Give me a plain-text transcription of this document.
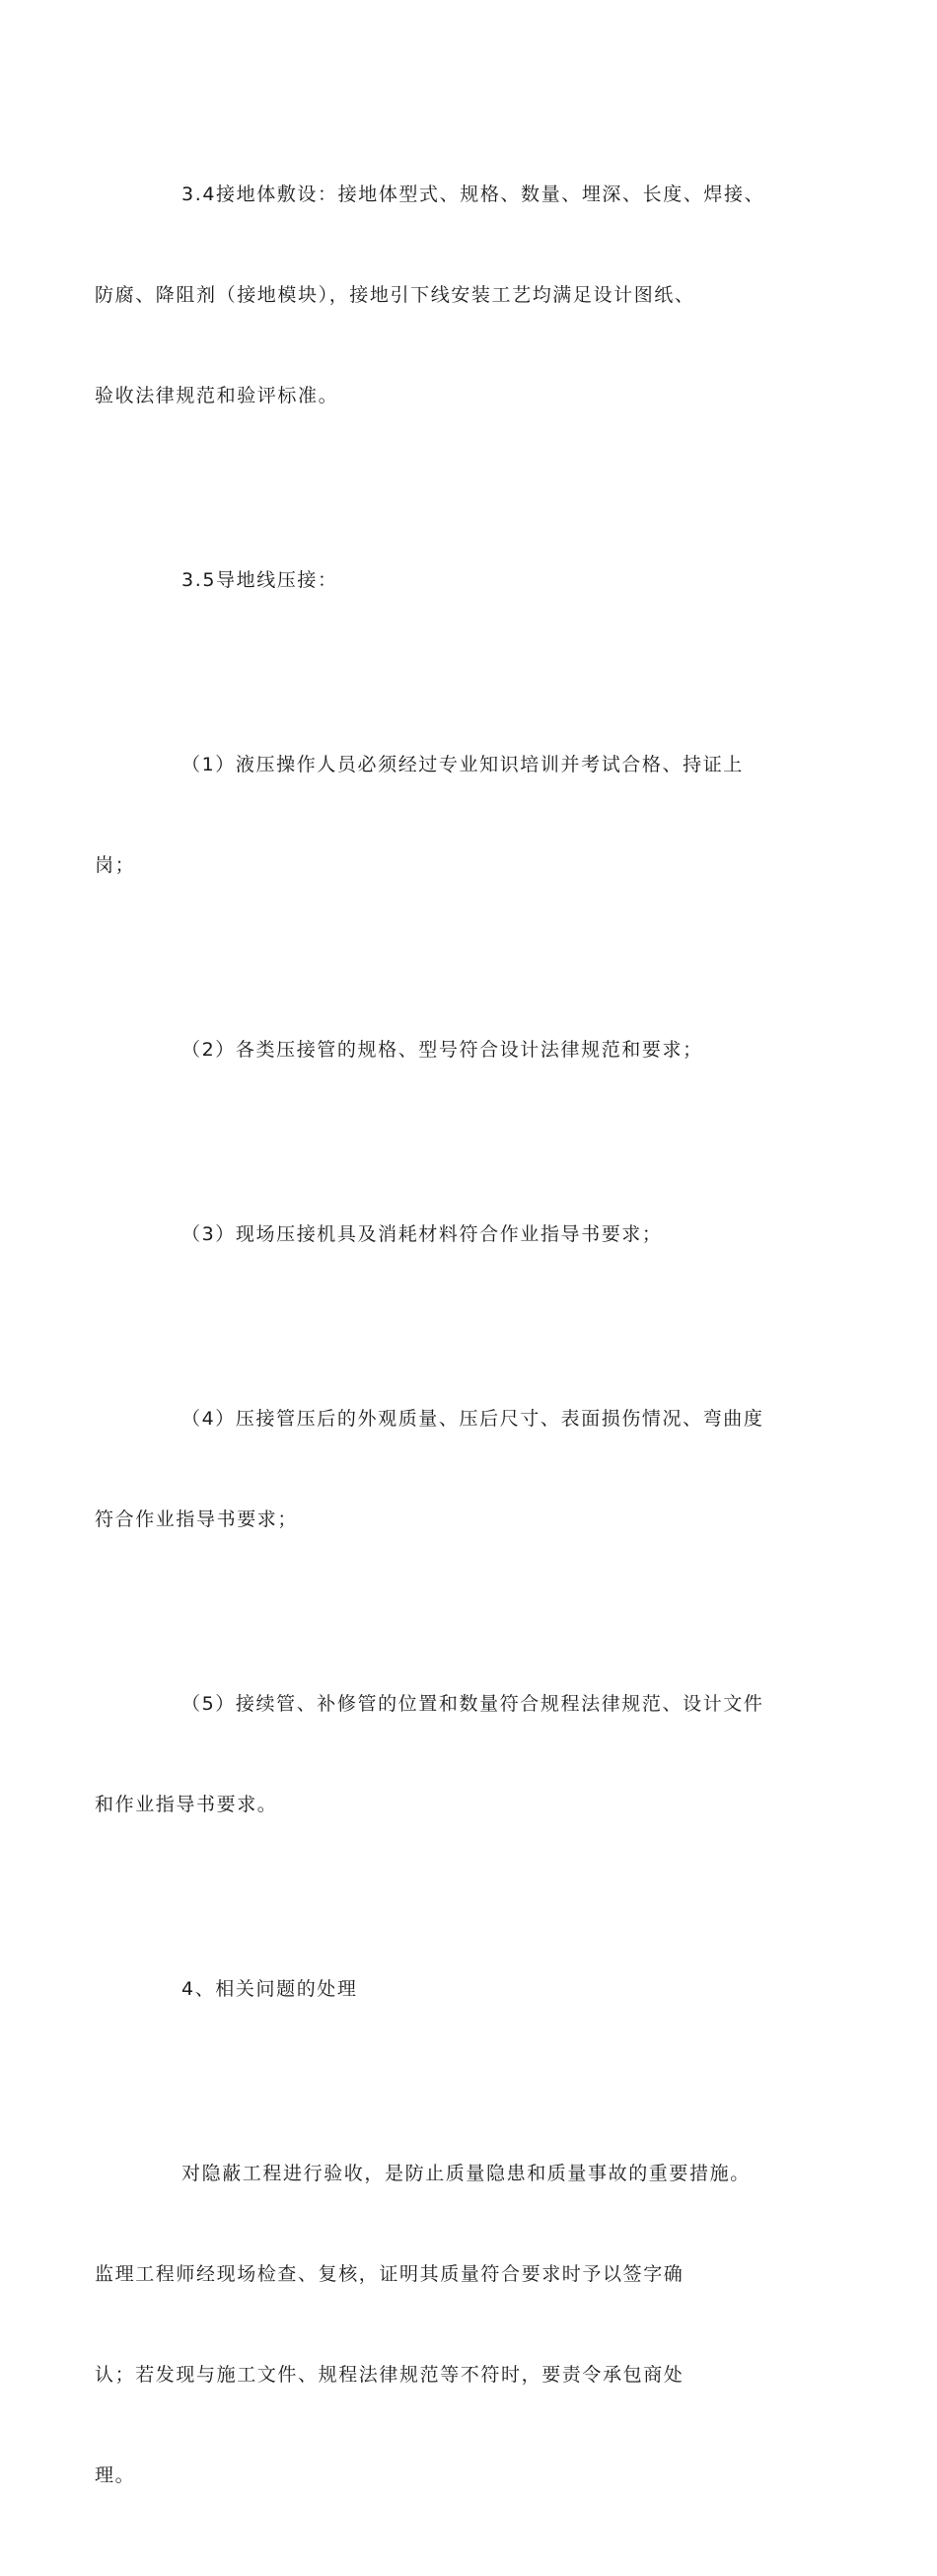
3.4接地体敷设：接地体型式、规格、数量、埋深、长度、焊接、

防腐、降阻剂（接地模块），接地引下线安装工艺均满足设计图纸、

验收法律规范和验评标准。

3.5导地线压接：

（1）液压操作人员必须经过专业知识培训并考试合格、持证上

岗；

（2）各类压接管的规格、型号符合设计法律规范和要求；

（3）现场压接机具及消耗材料符合作业指导书要求；

（4）压接管压后的外观质量、压后尺寸、表面损伤情况、弯曲度

符合作业指导书要求；

（5）接续管、补修管的位置和数量符合规程法律规范、设计文件

和作业指导书要求。

4、相关问题的处理

对隐蔽工程进行验收，是防止质量隐患和质量事故的重要措施。

监理工程师经现场检查、复核，证明其质量符合要求时予以签字确

认；若发现与施工文件、规程法律规范等不符时，要责令承包商处

理。
